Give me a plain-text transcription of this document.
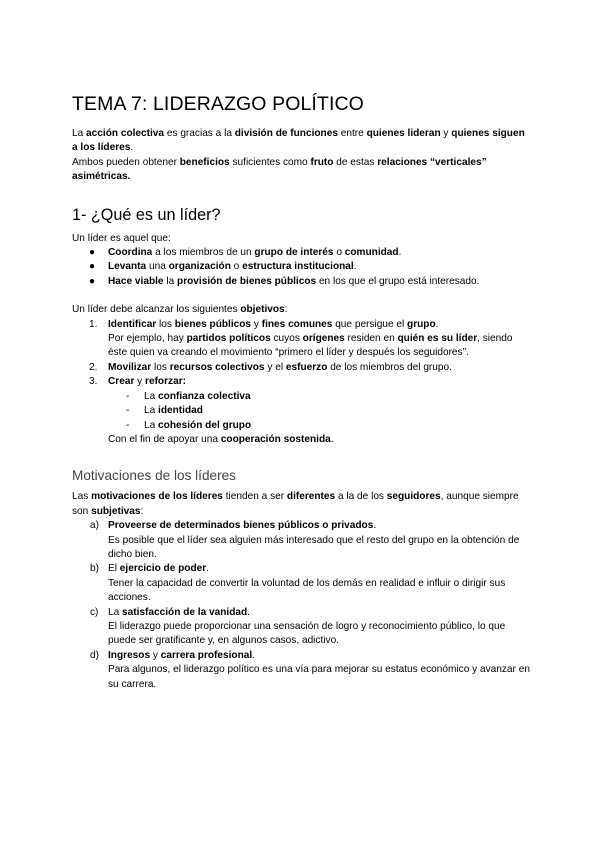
TEMA 7: LIDERAZGO POLÍTICO

La acción colectiva es gracias a la división de funciones entre quienes lideran y quienes siguen a los líderes.

Ambos pueden obtener beneficios suficientes como fruto de estas relaciones “verticales” asimétricas.

1- ¿Qué es un líder?

Un líder es aquel que:

● Coordina a los miembros de un grupo de interés o comunidad.
● Levanta una organización o estructura institucional.
● Hace viable la provisión de bienes públicos en los que el grupo está interesado.

Un líder debe alcanzar los siguientes objetivos:

1. Identificar los bienes públicos y fines comunes que persigue el grupo.
Por ejemplo, hay partidos políticos cuyos orígenes residen en quién es su líder, siendo éste quien va creando el movimiento “primero el líder y después los seguidores”.
2. Movilizar los recursos colectivos y el esfuerzo de los miembros del grupo.
3. Crear y reforzar:
- La confianza colectiva
- La identidad
- La cohesión del grupo
Con el fin de apoyar una cooperación sostenida.
Motivaciones de los líderes

Las motivaciones de los líderes tienden a ser diferentes a la de los seguidores, aunque siempre son subjetivas:

a) Proveerse de determinados bienes públicos o privados.
Es posible que el líder sea alguien más interesado que el resto del grupo en la obtención de dicho bien.
b) El ejercicio de poder.
Tener la capacidad de convertir la voluntad de los demás en realidad e influir o dirigir sus acciones.
c) La satisfacción de la vanidad.
El liderazgo puede proporcionar una sensación de logro y reconocimiento público, lo que puede ser gratificante y, en algunos casos, adictivo.
d) Ingresos y carrera profesional.
Para algunos, el liderazgo político es una vía para mejorar su estatus económico y avanzar en su carrera.
